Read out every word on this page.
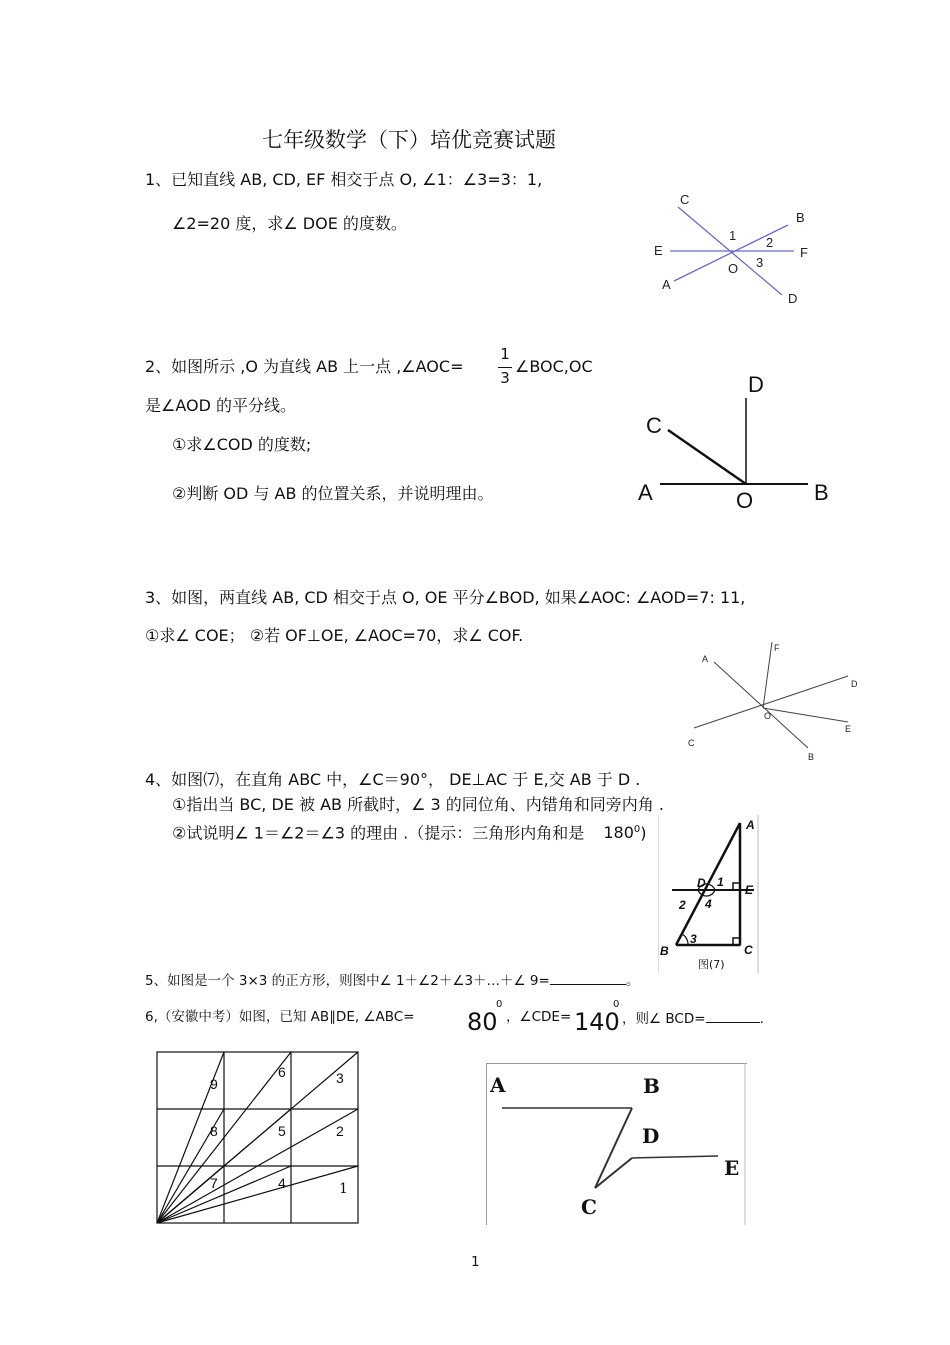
七年级数学（下）培优竞赛试题
1、已知直线 AB, CD, EF 相交于点 O, ∠1：∠3=3：1,
∠2=20 度，求∠ DOE 的度数。
C
B
E	F
A
D
O
1 2
3
2、如图所示 ,O 为直线 AB 上一点 ,∠AOC=
1
3
∠BOC,OC
是∠AOD 的平分线。
①求∠COD 的度数;
②判断 OD 与 AB 的位置关系，并说明理由。
D
C
A	O	B
3、如图，两直线 AB, CD 相交于点 O, OE 平分∠BOD, 如果∠AOC: ∠AOD=7: 11,
①求∠ COE； ②若 OF⊥OE, ∠AOC=70，求∠ COF.
A
F
D
O
E
C
B
4、如图⑺，在直角 ABC 中，∠C＝90°， DE⊥AC 于 E,交 AB 于 D .
①指出当 BC, DE 被 AB 所截时，∠ 3 的同位角、内错角和同旁内角 .
②试说明∠ 1＝∠2＝∠3 的理由 .（提示：三角形内角和是 $180^0$)	A
D 1
E
2 4
3
B	C
图(7)
5、如图是一个 3×3 的正方形，则图中∠ 1＋∠2＋∠3＋…＋∠ 9=	。
6,（安徽中考）如图，已知 AB∥DE, ∠ABC= 80
0
，∠CDE= 140
0
，则∠ BCD=	.
9
6	3
8	5	2
7	4	1
A	B
D
E
C
1
